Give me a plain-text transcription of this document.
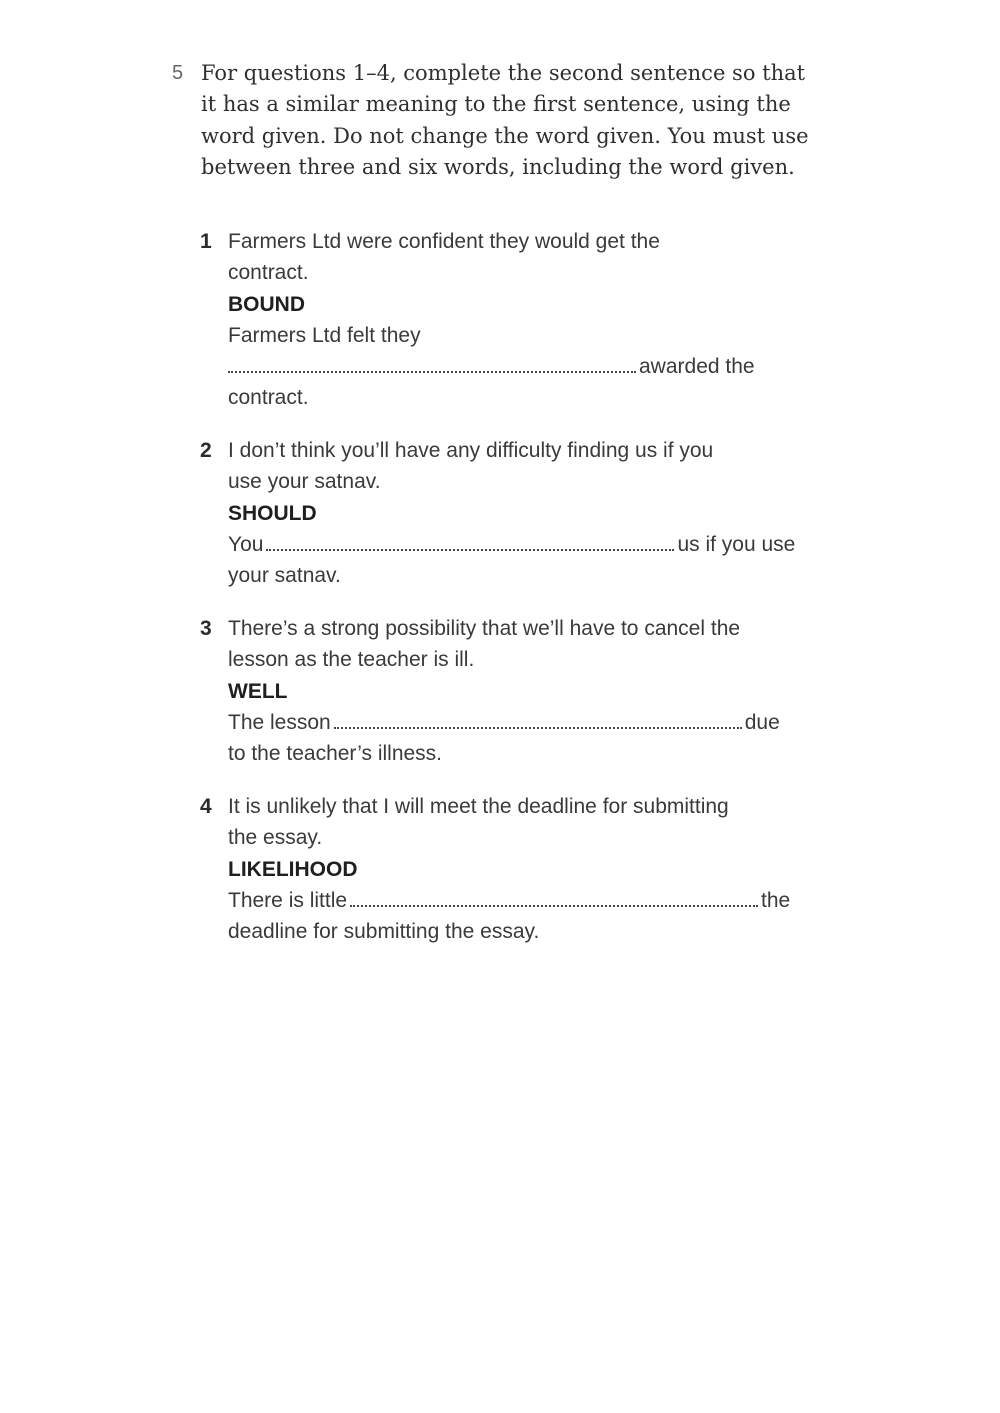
5 For questions 1–4, complete the second sentence so that it has a similar meaning to the first sentence, using the word given. Do not change the word given. You must use between three and six words, including the word given.
1 Farmers Ltd were confident they would get the
contract.
BOUND
Farmers Ltd felt they
awarded the
contract.
2 I don’t think you’ll have any difficulty finding us if you
use your satnav.
SHOULD
You	us if you use
your satnav.
3 There’s a strong possibility that we’ll have to cancel the
lesson as the teacher is ill.
WELL
The lesson	due
to the teacher’s illness.
4 It is unlikely that I will meet the deadline for submitting
the essay.
LIKELIHOOD
There is little	the
deadline for submitting the essay.
